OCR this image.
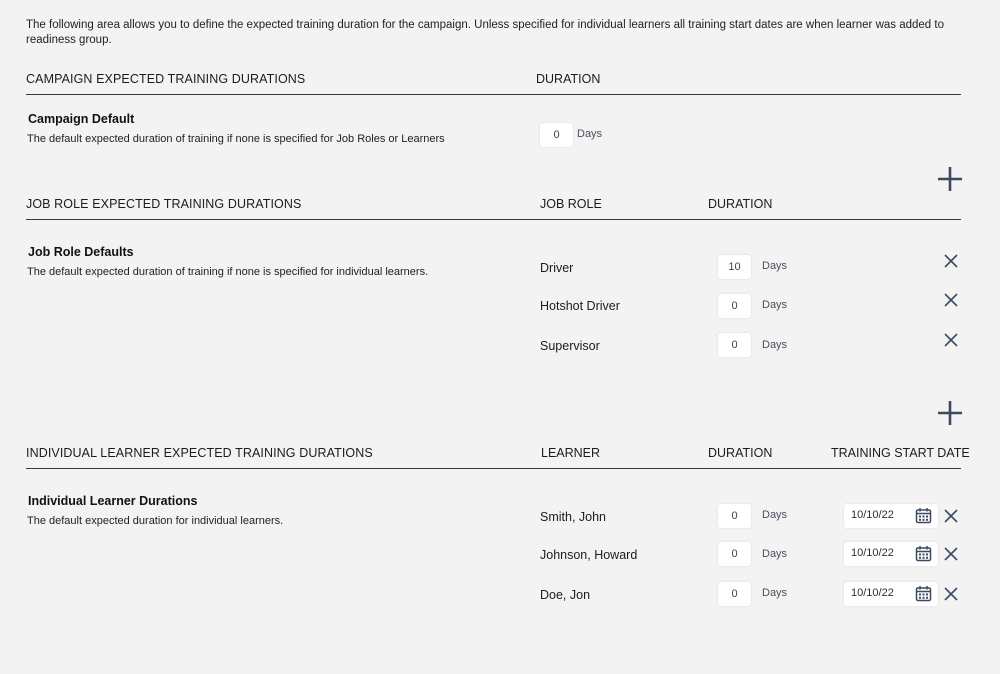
The following area allows you to define the expected training duration for the campaign. Unless specified for individual learners all training start dates are when learner was added to readiness group.
CAMPAIGN EXPECTED TRAINING DURATIONS	DURATION
Campaign Default
The default expected duration of training if none is specified for Job Roles or Learners	0	Days
JOB ROLE EXPECTED TRAINING DURATIONS	JOB ROLE	DURATION
Job Role Defaults
The default expected duration of training if none is specified for individual learners.	Driver	10	Days
Hotshot Driver	0	Days
Supervisor	0	Days
INDIVIDUAL LEARNER EXPECTED TRAINING DURATIONS	LEARNER	DURATION	TRAINING START DATE
Individual Learner Durations
The default expected duration for individual learners.	Smith, John	0	Days	10/10/22
Johnson, Howard	0	Days	10/10/22
Doe, Jon	0	Days	10/10/22
